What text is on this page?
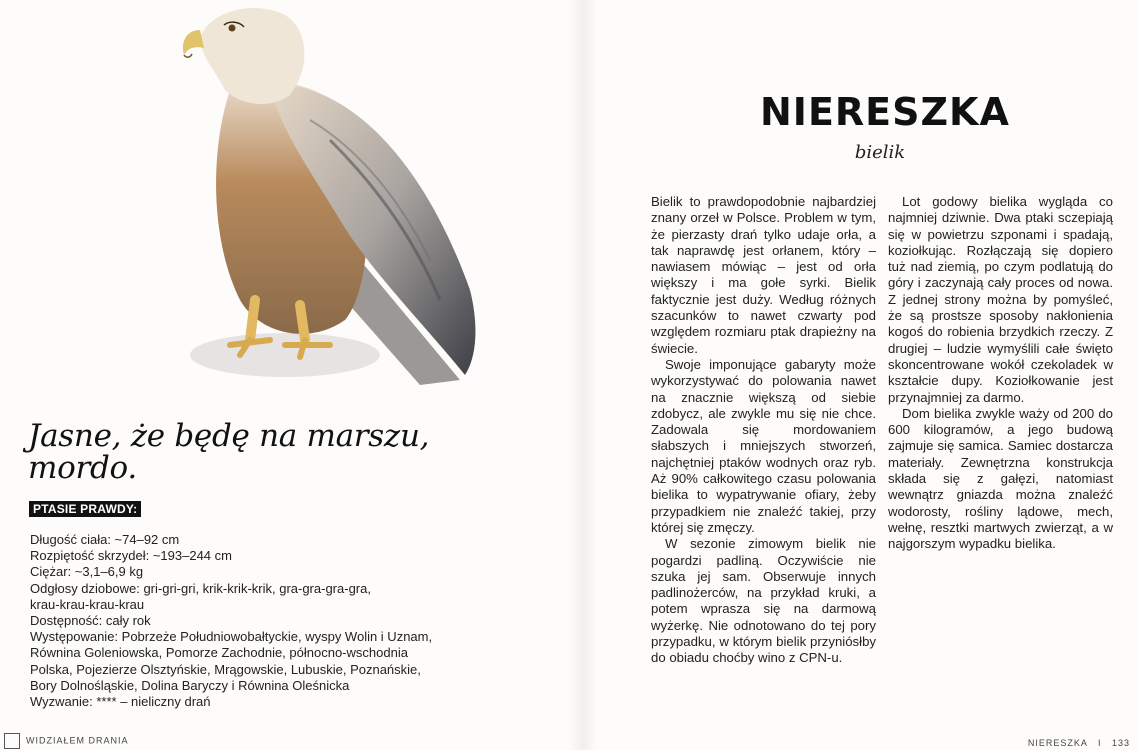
Jasne, że będę na marszu,
mordo.
PTASIE PRAWDY:
Długość ciała: ~74–92 cm
Rozpiętość skrzydeł: ~193–244 cm
Ciężar: ~3,1–6,9 kg
Odgłosy dziobowe: gri-gri-gri, krik-krik-krik, gra-gra-gra-gra,
krau-krau-krau-krau
Dostępność: cały rok
Występowanie: Pobrzeże Południowobałtyckie, wyspy Wolin i Uznam,
Równina Goleniowska, Pomorze Zachodnie, północno-wschodnia
Polska, Pojezierze Olsztyńskie, Mrągowskie, Lubuskie, Poznańskie,
Bory Dolnośląskie, Dolina Baryczy i Równina Oleśnicka
Wyzwanie: **** – nieliczny drań
WIDZIAŁEM DRANIA
NIERESZKA
bielik

Bielik to prawdopodobnie najbardziej znany orzeł w Polsce. Problem w tym, że pierzasty drań tylko udaje orła, a tak naprawdę jest orłanem, który – nawiasem mówiąc – jest od orła większy i ma gołe syrki. Bielik faktycznie jest duży. Według różnych szacunków to nawet czwarty pod względem rozmiaru ptak drapieżny na świecie.

Swoje imponujące gabaryty może wykorzystywać do polowania nawet na znacznie większą od siebie zdobycz, ale zwykle mu się nie chce. Zadowala się mordowaniem słabszych i mniejszych stworzeń, najchętniej ptaków wodnych oraz ryb. Aż 90% całkowitego czasu polowania bielika to wypatrywanie ofiary, żeby przypadkiem nie znaleźć takiej, przy której się zmęczy.

W sezonie zimowym bielik nie pogardzi padliną. Oczywiście nie szuka jej sam. Obserwuje innych padlinożerców, na przykład kruki, a potem wprasza się na darmową wyżerkę. Nie odnotowano do tej pory przypadku, w którym bielik przyniósłby do obiadu choćby wino z CPN-u.

Lot godowy bielika wygląda co najmniej dziwnie. Dwa ptaki sczepiają się w powietrzu szponami i spadają, koziołkując. Rozłączają się dopiero tuż nad ziemią, po czym podlatują do góry i zaczynają cały proces od nowa. Z jednej strony można by pomyśleć, że są prostsze sposoby nakłonienia kogoś do robienia brzydkich rzeczy. Z drugiej – ludzie wymyślili całe święto skoncentrowane wokół czekoladek w kształcie dupy. Koziołkowanie jest przynajmniej za darmo.

Dom bielika zwykle waży od 200 do 600 kilogramów, a jego budową zajmuje się samica. Samiec dostarcza materiały. Zewnętrzna konstrukcja składa się z gałęzi, natomiast wewnątrz gniazda można znaleźć wodorosty, rośliny lądowe, mech, wełnę, resztki martwych zwierząt, a w najgorszym wypadku bielika.

NIERESZKA I 133
